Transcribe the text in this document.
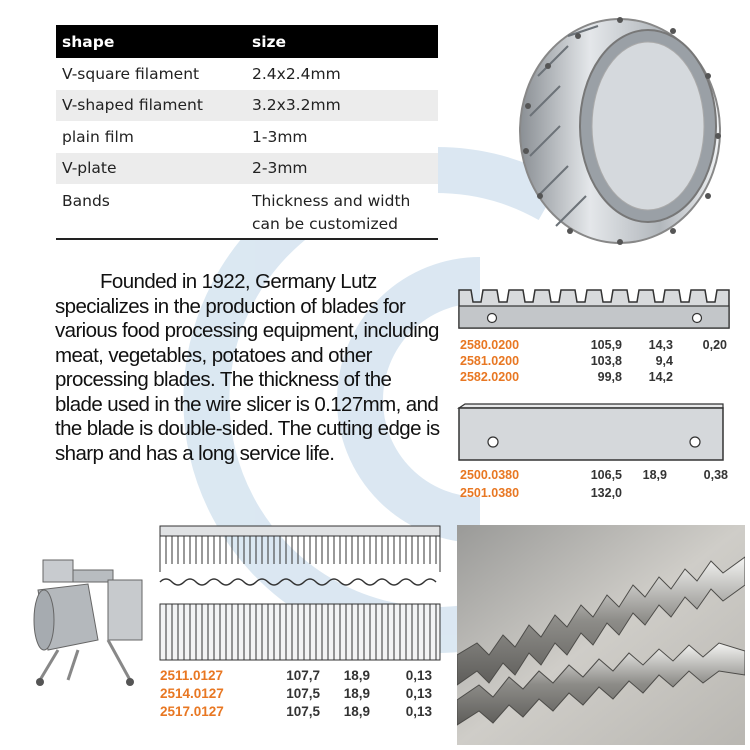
shape	size
V-square filament	2.4x2.4mm
V-shaped filament	3.2x3.2mm
plain film	1-3mm
V-plate	2-3mm
Bands	Thickness and width can be customized

Founded in 1922, Germany Lutz specializes in the production of blades for various food processing equipment, including meat, vegetables, potatoes and other processing blades. The thickness of the blade used in the wire slicer is 0.127mm, and the blade is double-sided. The cutting edge is sharp and has a long service life.

2580.0200	105,9	14,3	0,20
2581.0200	103,8	9,4
2582.0200	99,8	14,2
2500.0380	106,5	18,9	0,38
2501.0380	132,0
2511.0127	107,7	18,9	0,13
2514.0127	107,5	18,9	0,13
2517.0127	107,5	18,9	0,13
